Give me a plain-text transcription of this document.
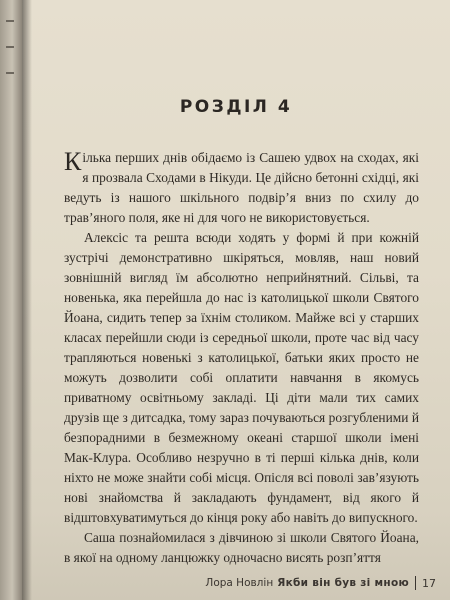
РОЗДІЛ 4

Кілька перших днів обідаємо із Сашею удвох на сходах, які я прозвала Сходами в Нікуди. Це дійсно бетонні східці, які ведуть із нашого шкільного подвір’я вниз по схилу до трав’яного поля, яке ні для чого не використовується.

Алексіс та решта всюди ходять у формі й при кожній зустрічі демонстративно шкіряться, мовляв, наш новий зовнішній вигляд їм абсолютно неприйнятний. Сільві, та новенька, яка перейшла до нас із католицької школи Святого Йоана, сидить тепер за їхнім столиком. Майже всі у старших класах перейшли сюди із середньої школи, проте час від часу трапляються новенькі з католицької, батьки яких просто не можуть дозволити собі оплатити навчання в якомусь приватному освітньому закладі. Ці діти мали тих самих друзів ще з дитсадка, тому зараз почуваються розгубленими й безпорадними в безмежному океані старшої школи імені Мак-Клура. Особливо незручно в ті перші кілька днів, коли ніхто не може знайти собі місця. Опісля всі поволі зав’язують нові знайомства й закладають фундамент, від якого й відштовхуватимуться до кінця року або навіть до випускного.

Саша познайомилася з дівчиною зі школи Святого Йоана, в якої на одному ланцюжку одночасно висять розп’яття

Лора Новлін Якби він був зі мною 17
